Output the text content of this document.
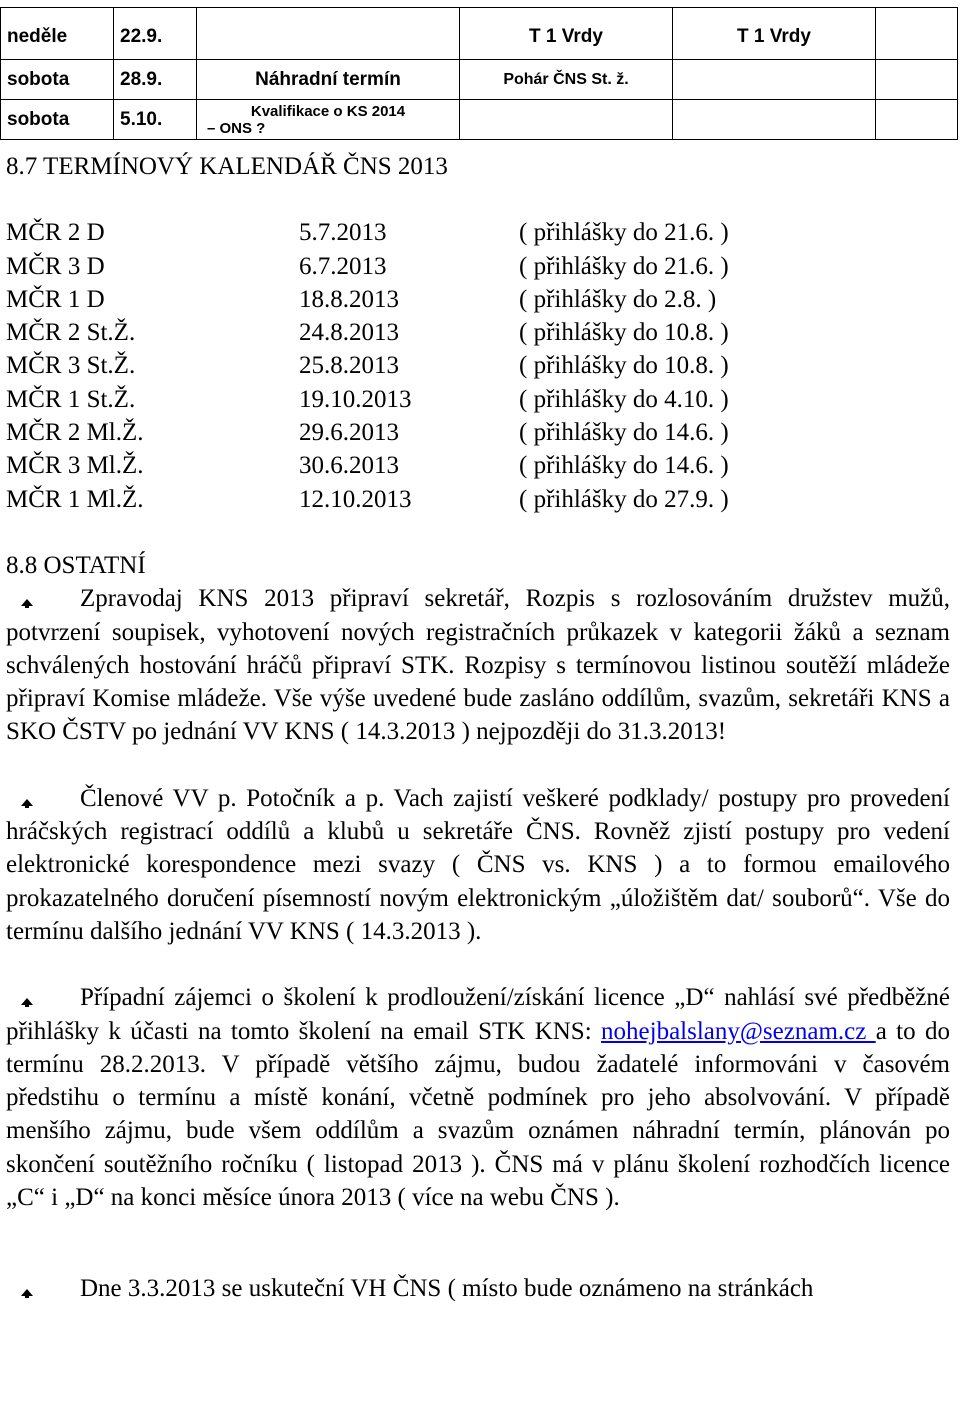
neděle	22.9.		T 1 Vrdy	T 1 Vrdy	
sobota	28.9.	Náhradní termín	Pohár ČNS St. ž.		
sobota	5.10.	Kvalifikace o KS 2014
– ONS ?			

8.7 TERMÍNOVÝ KALENDÁŘ ČNS 2013

MČR 2 D	5.7.2013	( přihlášky do 21.6. )
MČR 3 D	6.7.2013	( přihlášky do 21.6. )
MČR 1 D	18.8.2013	( přihlášky do 2.8. )
MČR 2 St.Ž.	24.8.2013	( přihlášky do 10.8. )
MČR 3 St.Ž.	25.8.2013	( přihlášky do 10.8. )
MČR 1 St.Ž.	19.10.2013	( přihlášky do 4.10. )
MČR 2 Ml.Ž.	29.6.2013	( přihlášky do 14.6. )
MČR 3 Ml.Ž.	30.6.2013	( přihlášky do 14.6. )
MČR 1 Ml.Ž.	12.10.2013	( přihlášky do 27.9. )

8.8 OSTATNÍ

Zpravodaj KNS 2013 připraví sekretář, Rozpis s rozlosováním družstev mužů, potvrzení soupisek, vyhotovení nových registračních průkazek v kategorii žáků a seznam schválených hostování hráčů připraví STK. Rozpisy s termínovou listinou soutěží mládeže připraví Komise mládeže. Vše výše uvedené bude zasláno oddílům, svazům, sekretáři KNS a SKO ČSTV po jednání VV KNS ( 14.3.2013 ) nejpozději do 31.3.2013!

Členové VV p. Potočník a p. Vach zajistí veškeré podklady/ postupy pro provedení hráčských registrací oddílů a klubů u sekretáře ČNS. Rovněž zjistí postupy pro vedení elektronické korespondence mezi svazy ( ČNS vs. KNS ) a to formou emailového prokazatelného doručení písemností novým elektronickým „úložištěm dat/ souborů“. Vše do termínu dalšího jednání VV KNS ( 14.3.2013 ).

Případní zájemci o školení k prodloužení/získání licence „D“ nahlásí své předběžné přihlášky k účasti na tomto školení na email STK KNS: nohejbalslany@seznam.cz a to do termínu 28.2.2013. V případě většího zájmu, budou žadatelé informováni v časovém předstihu o termínu a místě konání, včetně podmínek pro jeho absolvování. V případě menšího zájmu, bude všem oddílům a svazům oznámen náhradní termín, plánován po skončení soutěžního ročníku ( listopad 2013 ). ČNS má v plánu školení rozhodčích licence „C“ i „D“ na konci měsíce února 2013 ( více na webu ČNS ).

Dne 3.3.2013 se uskuteční VH ČNS ( místo bude oznámeno na stránkách
